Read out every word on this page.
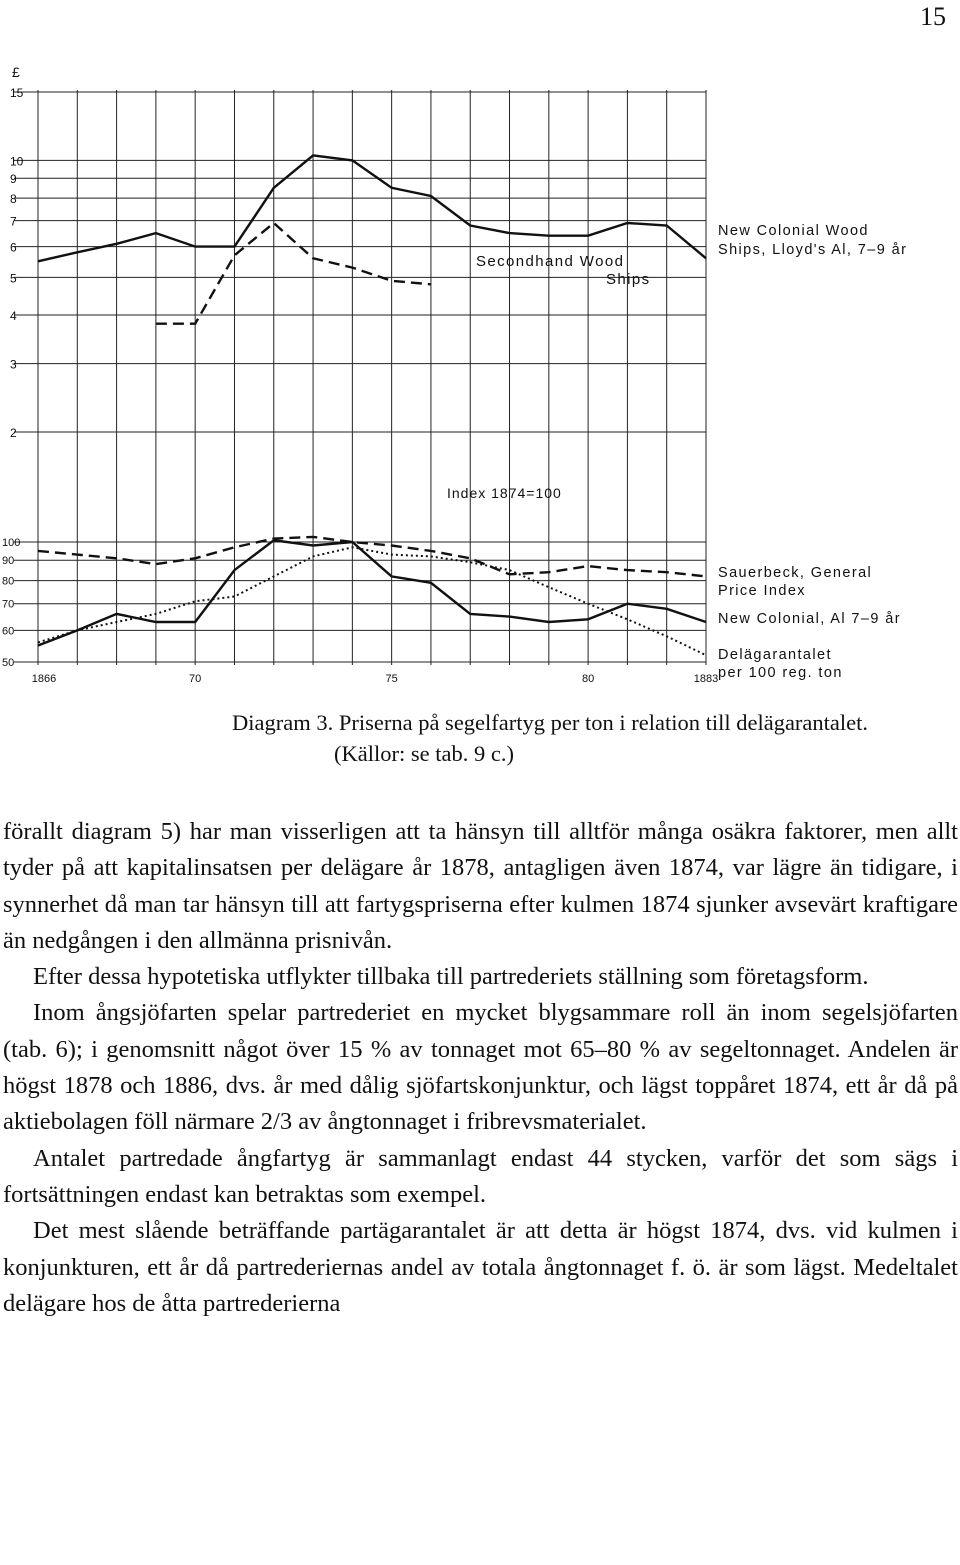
15
15
10
9
8
7
6
5
4
3
2
£
100
90
80
70
60
50
Index 1874=100
1866	70	75	80	1883
New Colonial Wood
Ships, Lloyd's Al, 7–9 år
Secondhand Wood
Ships
Sauerbeck, General
Price Index
New Colonial, Al 7–9 år
Delägarantalet
per 100 reg. ton
Diagram 3. Priserna på segelfartyg per ton i relation till delägarantalet.
(Källor: se tab. 9 c.)

förallt diagram 5) har man visserligen att ta hänsyn till alltför många osäkra faktorer, men allt tyder på att kapitalinsatsen per delägare år 1878, antagligen även 1874, var lägre än tidigare, i synnerhet då man tar hänsyn till att fartygspriserna efter kulmen 1874 sjunker avsevärt kraftigare än nedgången i den allmänna prisnivån.

Efter dessa hypotetiska utflykter tillbaka till partrederiets ställning som företagsform.

Inom ångsjöfarten spelar partrederiet en mycket blygsammare roll än inom segelsjöfarten (tab. 6); i genomsnitt något över 15 % av tonnaget mot 65–80 % av segeltonnaget. Andelen är högst 1878 och 1886, dvs. år med dålig sjöfartskonjunktur, och lägst toppåret 1874, ett år då på aktiebolagen föll närmare 2/3 av ångtonnaget i fribrevsmaterialet.

Antalet partredade ångfartyg är sammanlagt endast 44 stycken, varför det som sägs i fortsättningen endast kan betraktas som exempel.

Det mest slående beträffande partägarantalet är att detta är högst 1874, dvs. vid kulmen i konjunkturen, ett år då partrederiernas andel av totala ångtonnaget f. ö. är som lägst. Medeltalet delägare hos de åtta partrederierna
